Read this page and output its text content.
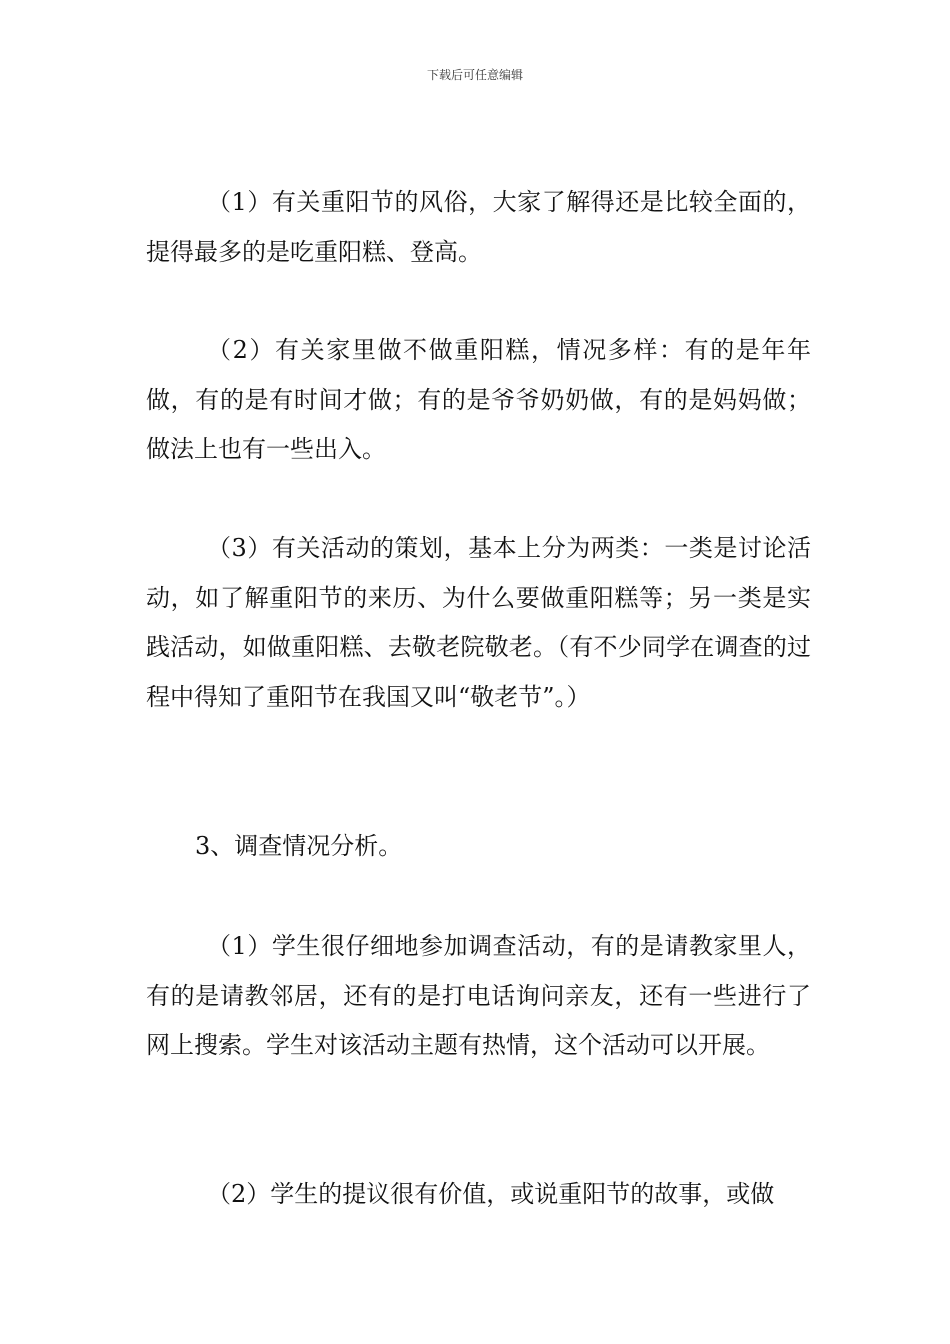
下载后可任意编辑

（1）有关重阳节的风俗，大家了解得还是比较全面的，提得最多的是吃重阳糕、登高。

（2）有关家里做不做重阳糕，情况多样：有的是年年做，有的是有时间才做；有的是爷爷奶奶做，有的是妈妈做；做法上也有一些出入。

（3）有关活动的策划，基本上分为两类：一类是讨论活动，如了解重阳节的来历、为什么要做重阳糕等；另一类是实践活动，如做重阳糕、去敬老院敬老。（有不少同学在调查的过程中得知了重阳节在我国又叫“敬老节”。）

3、调查情况分析。

（1）学生很仔细地参加调查活动，有的是请教家里人，有的是请教邻居，还有的是打电话询问亲友，还有一些进行了网上搜索。学生对该活动主题有热情，这个活动可以开展。

（2）学生的提议很有价值，或说重阳节的故事，或做
